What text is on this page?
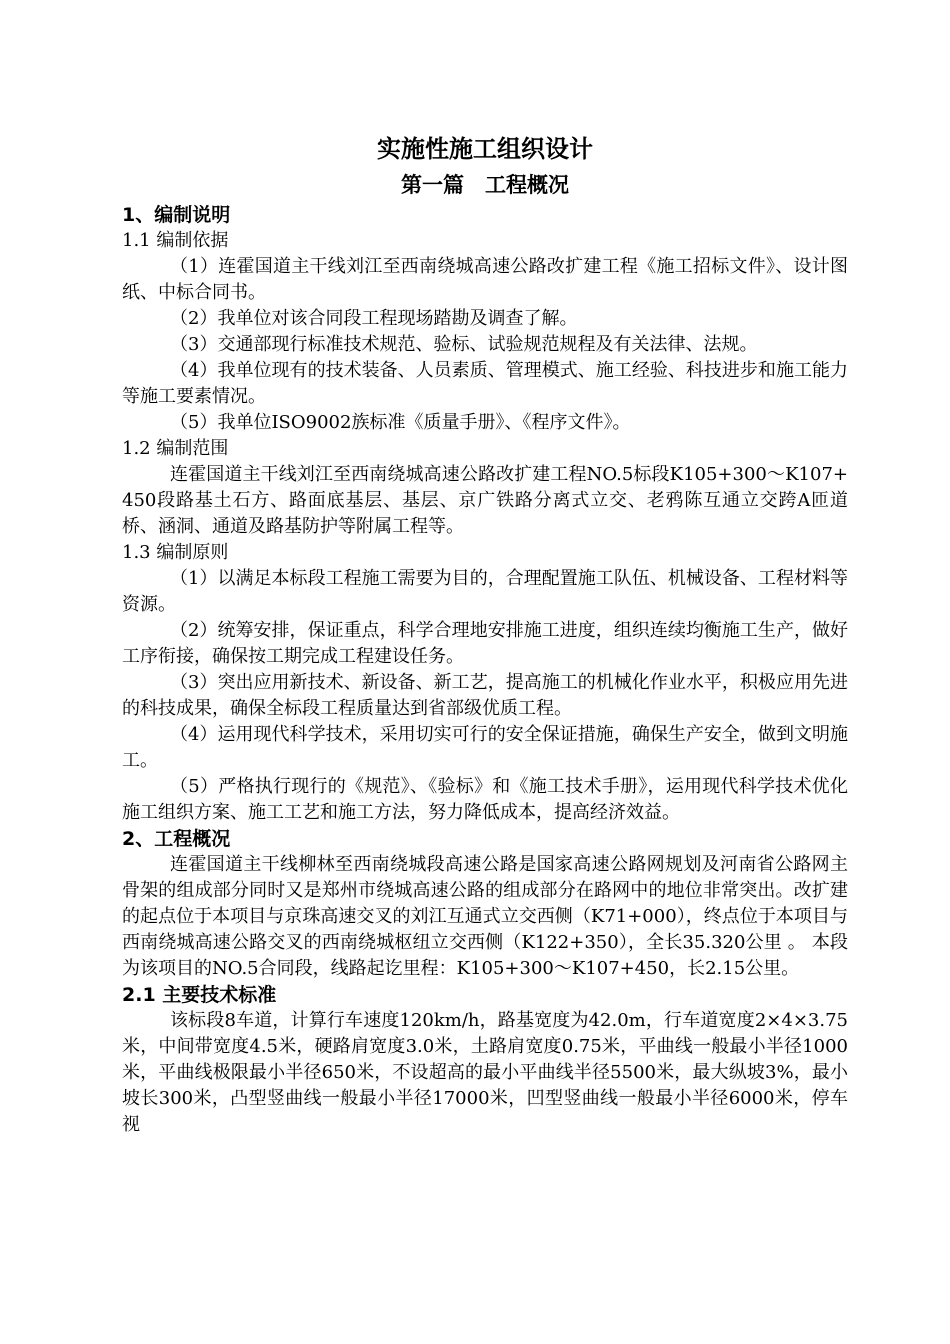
实施性施工组织设计
第一篇　工程概况
1、编制说明
1.1 编制依据

（1）连霍国道主干线刘江至西南绕城高速公路改扩建工程《施工招标文件》、设计图纸、中标合同书。

（2）我单位对该合同段工程现场踏勘及调查了解。

（3）交通部现行标准技术规范、验标、试验规范规程及有关法律、法规。

（4）我单位现有的技术装备、人员素质、管理模式、施工经验、科技进步和施工能力等施工要素情况。

（5）我单位ISO9002族标准《质量手册》、《程序文件》。

1.2 编制范围

连霍国道主干线刘江至西南绕城高速公路改扩建工程NO.5标段K105+300～K107+450段路基土石方、路面底基层、基层、京广铁路分离式立交、老鸦陈互通立交跨A匝道桥、涵洞、通道及路基防护等附属工程等。

1.3 编制原则

（1）以满足本标段工程施工需要为目的，合理配置施工队伍、机械设备、工程材料等资源。

（2）统筹安排，保证重点，科学合理地安排施工进度，组织连续均衡施工生产，做好工序衔接，确保按工期完成工程建设任务。

（3）突出应用新技术、新设备、新工艺，提高施工的机械化作业水平，积极应用先进的科技成果，确保全标段工程质量达到省部级优质工程。

（4）运用现代科学技术，采用切实可行的安全保证措施，确保生产安全，做到文明施工。

（5）严格执行现行的《规范》、《验标》和《施工技术手册》，运用现代科学技术优化施工组织方案、施工工艺和施工方法，努力降低成本，提高经济效益。

2、工程概况

连霍国道主干线柳林至西南绕城段高速公路是国家高速公路网规划及河南省公路网主骨架的组成部分同时又是郑州市绕城高速公路的组成部分在路网中的地位非常突出。改扩建的起点位于本项目与京珠高速交叉的刘江互通式立交西侧（K71+000），终点位于本项目与西南绕城高速公路交叉的西南绕城枢纽立交西侧（K122+350），全长35.320公里 。 本段为该项目的NO.5合同段，线路起讫里程：K105+300～K107+450，长2.15公里。

2.1 主要技术标准

该标段8车道，计算行车速度120km/h，路基宽度为42.0m，行车道宽度2×4×3.75米，中间带宽度4.5米，硬路肩宽度3.0米，土路肩宽度0.75米，平曲线一般最小半径1000米，平曲线极限最小半径650米，不设超高的最小平曲线半径5500米，最大纵坡3%，最小坡长300米，凸型竖曲线一般最小半径17000米，凹型竖曲线一般最小半径6000米，停车视
